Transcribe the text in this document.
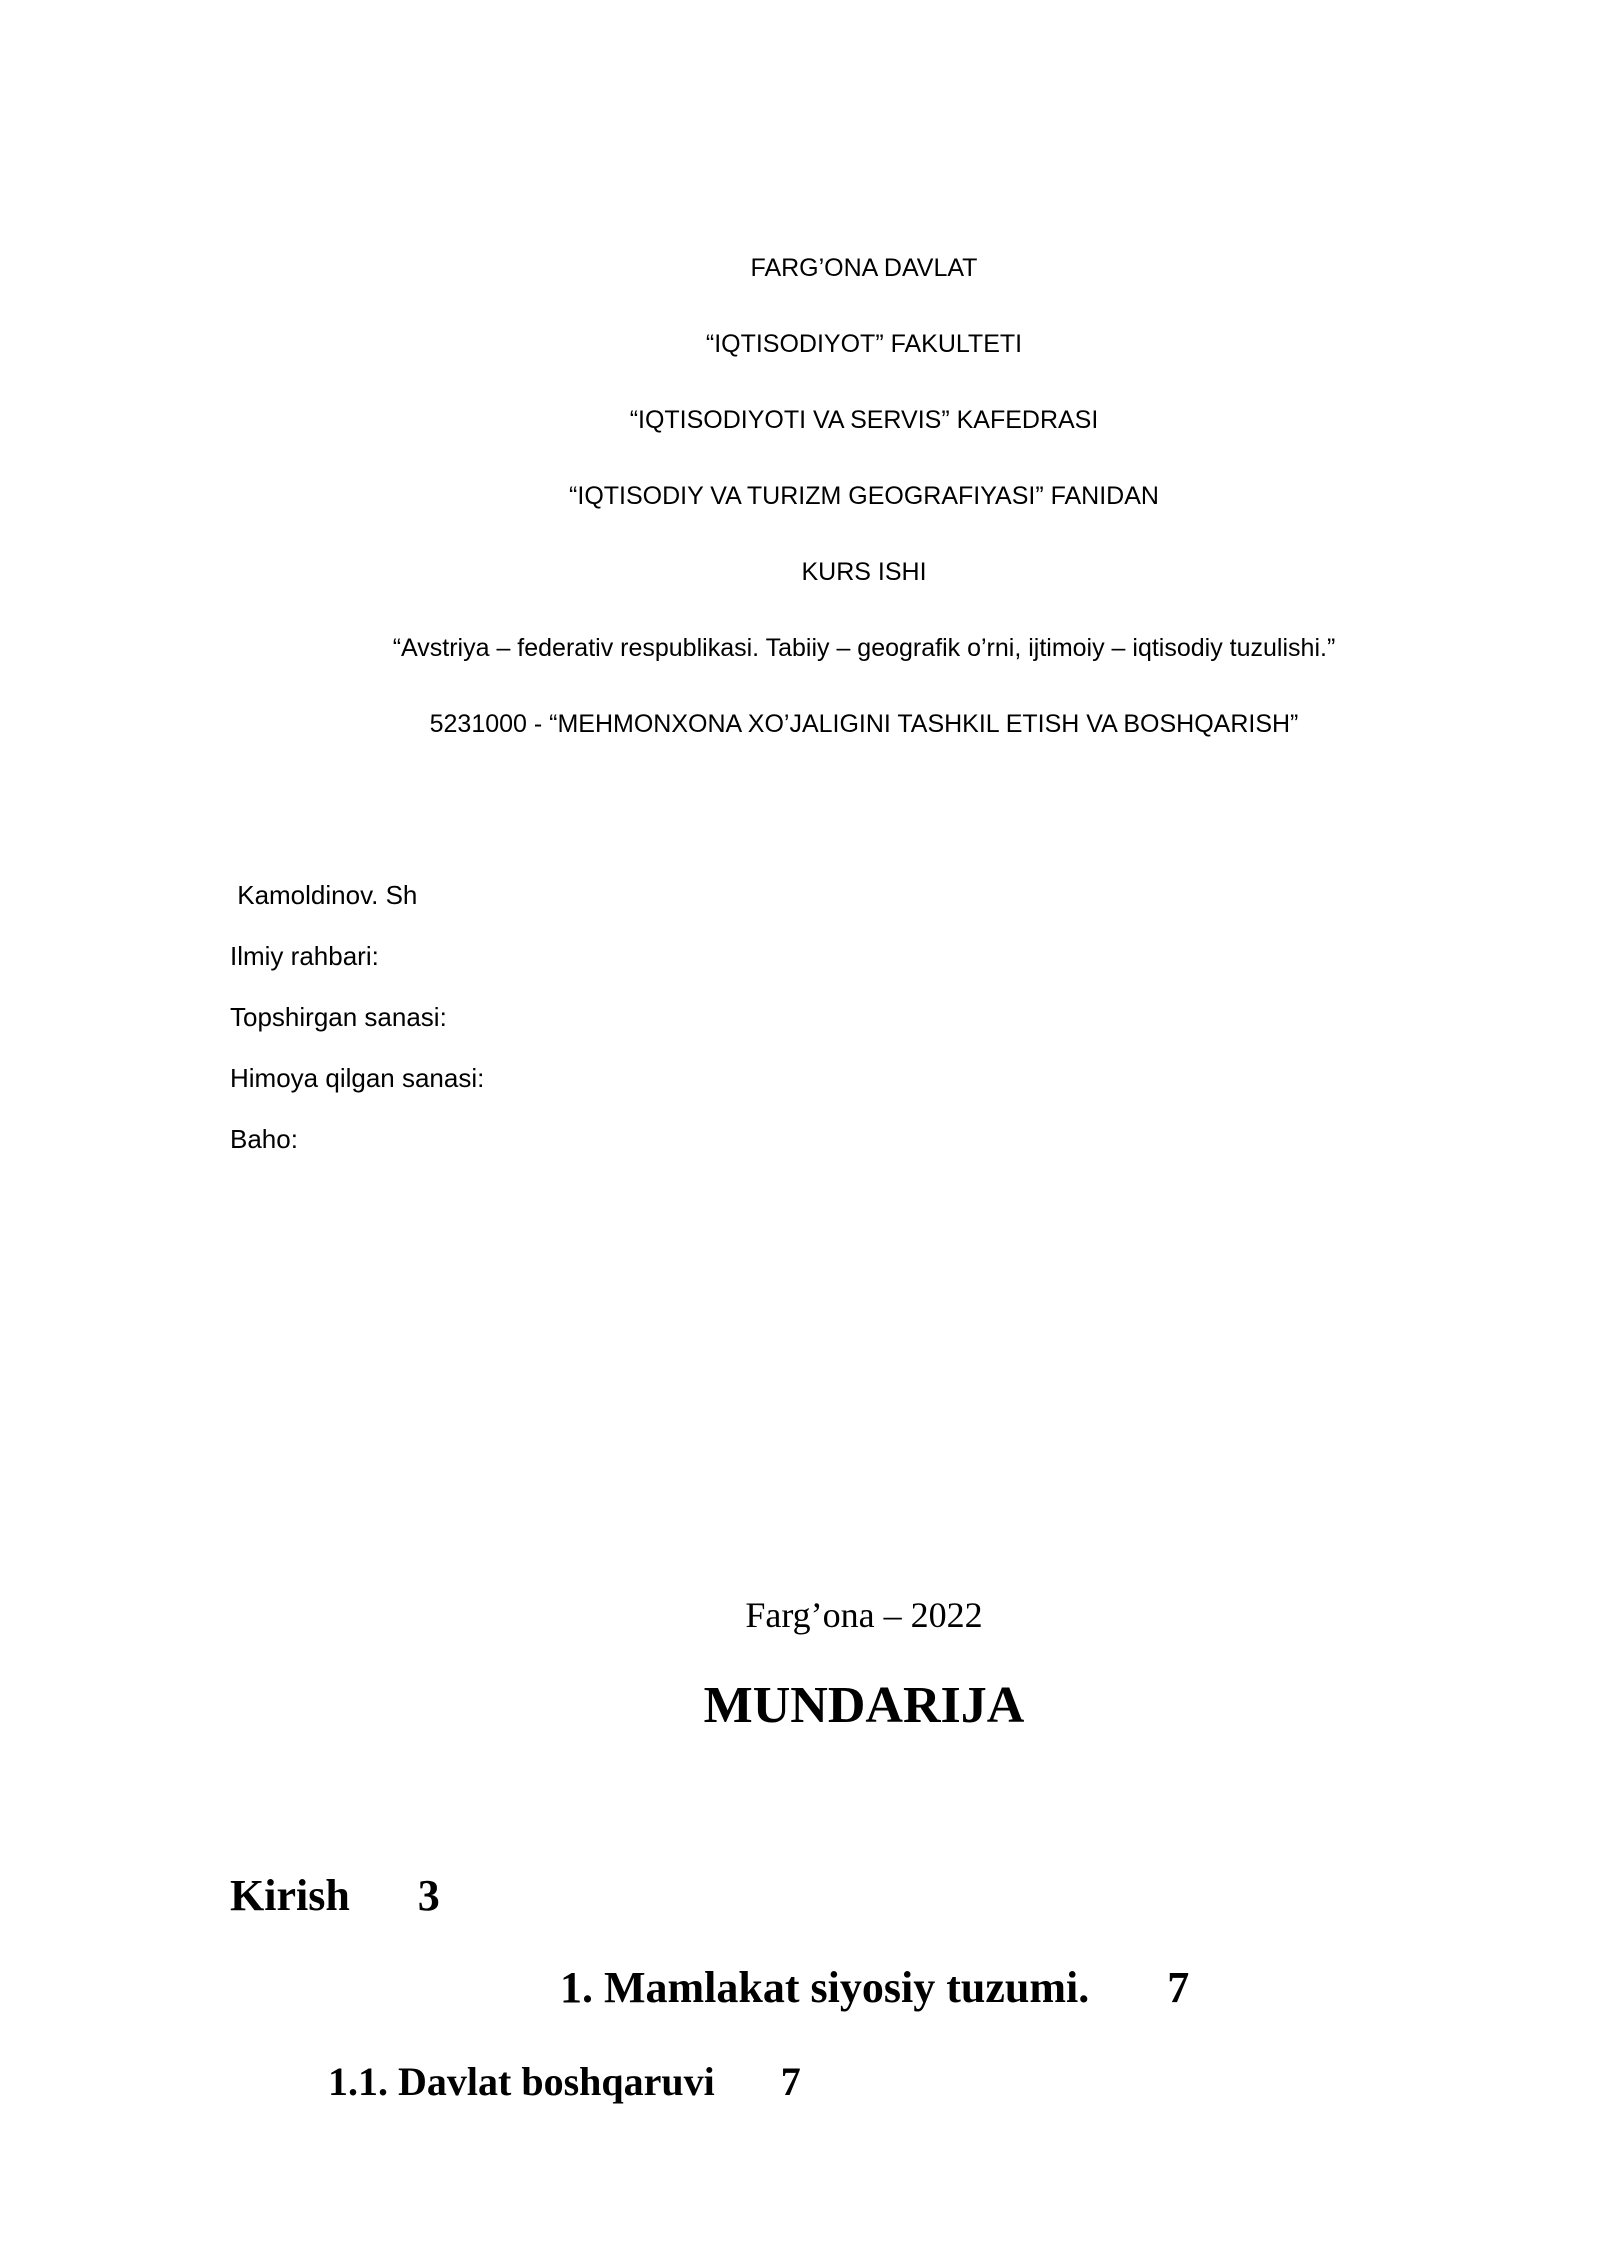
FARG’ONA DAVLAT
“IQTISODIYOT” FAKULTETI
“IQTISODIYOTI VA SERVIS” KAFEDRASI
“IQTISODIY VA TURIZM GEOGRAFIYASI” FANIDAN
KURS ISHI
“Avstriya – federativ respublikasi. Tabiiy – geografik o’rni, ijtimoiy – iqtisodiy tuzulishi.”
5231000 - “MEHMONXONA XO’JALIGINI TASHKIL ETISH VA BOSHQARISH”
Kamoldinov. Sh
Ilmiy rahbari:
Topshirgan sanasi:
Himoya qilgan sanasi:
Baho:
Farg’ona – 2022
MUNDARIJA
Kirish 3
1. Mamlakat siyosiy tuzumi. 7
1.1. Davlat boshqaruvi 7
